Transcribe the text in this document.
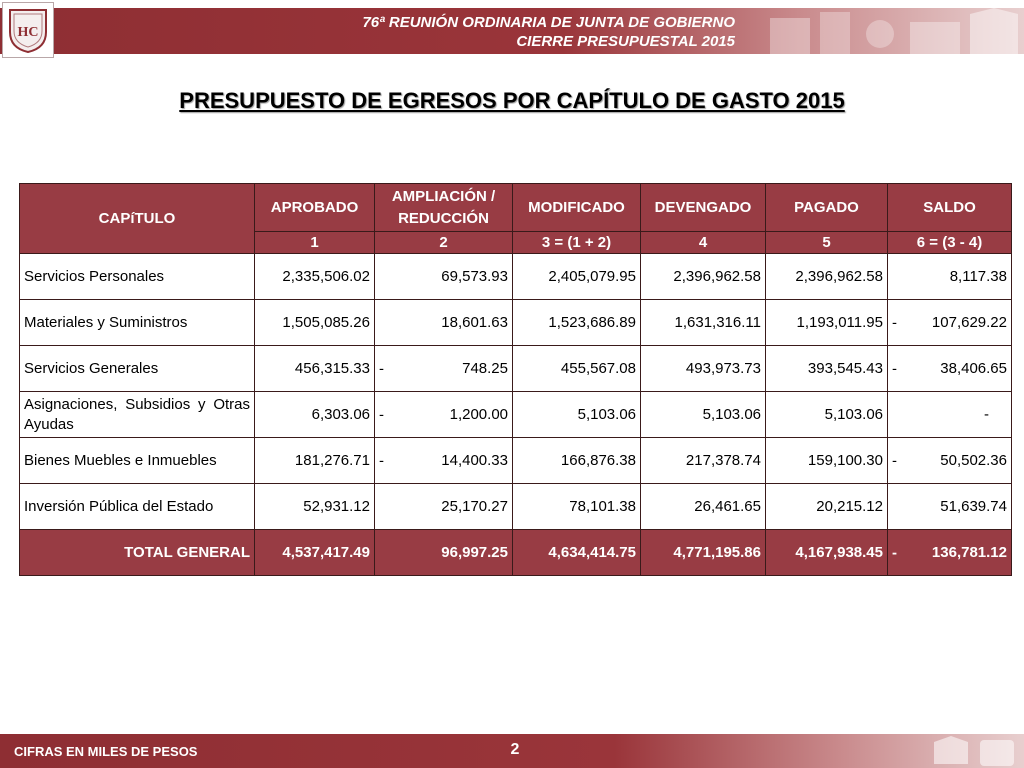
HC
76ª REUNIÓN ORDINARIA DE JUNTA DE GOBIERNO
CIERRE PRESUPUESTAL 2015
PRESUPUESTO DE EGRESOS POR CAPÍTULO DE GASTO 2015
CAPíTULO	APROBADO	AMPLIACIÓN / REDUCCIÓN	MODIFICADO	DEVENGADO	PAGADO	SALDO
	1	2	3 = (1 + 2)	4	5	6 = (3 - 4)
Servicios Personales	2,335,506.02	69,573.93	2,405,079.95	2,396,962.58	2,396,962.58	8,117.38
Materiales y Suministros	1,505,085.26	18,601.63	1,523,686.89	1,631,316.11	1,193,011.95	- 107,629.22
Servicios Generales	456,315.33	- 748.25	455,567.08	493,973.73	393,545.43	- 38,406.65
Asignaciones, Subsidios y Otras Ayudas	6,303.06	- 1,200.00	5,103.06	5,103.06	5,103.06	-
Bienes Muebles e Inmuebles	181,276.71	- 14,400.33	166,876.38	217,378.74	159,100.30	- 50,502.36
Inversión Pública del Estado	52,931.12	25,170.27	78,101.38	26,461.65	20,215.12	51,639.74
TOTAL GENERAL	4,537,417.49	96,997.25	4,634,414.75	4,771,195.86	4,167,938.45	- 136,781.12
CIFRAS EN MILES DE PESOS	2
